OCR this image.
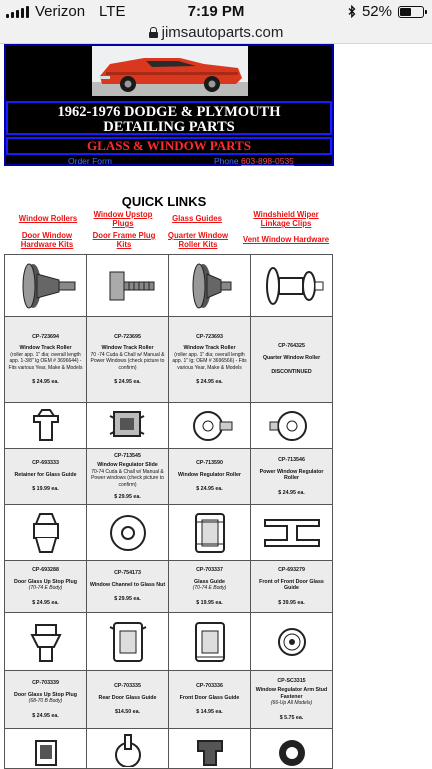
Verizon LTE	7:19 PM	52%
jimsautoparts.com
1962-1976 DODGE & PLYMOUTH
DETAILING PARTS
GLASS & WINDOW PARTS
Order Form	Phone 603-898-0535
QUICK LINKS
Window Rollers	Window Upstop Plugs
Glass Guides	Windshield Wiper Linkage Clips
Door Window Hardware Kits
Door Frame Plug Kits
Quarter Window Roller Kits
Vent Window Hardware

CP-723694
Window Track Roller
(roller app. 1" dia; overall length app. 1-3/8" lg OEM # 3696644) - Fits various Year, Make & Models
$ 24.95 ea.	CP-723695
Window Track Roller
70 -74 Cuda & Chall w/ Manual & Power Windows (check picture to confirm)
$ 24.95 ea.	CP-723693
Window Track Roller
(roller app. 1" dia; overall length app. 1" lg; OEM # 3696566) - Fits various Year, Make & Models
$ 24.95 ea.	CP-764325
Quarter Window Roller
DISCONTINUED

CP-693333
Retainer for Glass Guide
$ 19.99 ea.	CP-713545
Window Regulator Slide
70-74 Cuda & Chall w/ Manual & Power windows (check picture to confirm)
$ 29.95 ea.	CP-713590
Window Regulator Roller
$ 24.95 ea.	CP-713546
Power Window Regulator Roller
$ 24.95 ea.

CP-693288
Door Glass Up Stop Plug
(70-74 E Body)
$ 24.95 ea.	CP-754173
Window Channel to Glass Nut
$ 29.95 ea.	CP-703337
Glass Guide
(70-74 E Body)
$ 19.95 ea.	CP-693279
Front of Front Door Glass Guide
$ 39.95 ea.

CP-703339
Door Glass Up Stop Plug
(68-70 B Body)
$ 24.95 ea.	CP-703335
Rear Door Glass Guide
$14.50 ea.	CP-703336
Front Door Glass Guide
$ 14.95 ea.	CP-SC3315
Window Regulator Arm Stud Fastener
(66-Up All Models)
$ 5.75 ea.
